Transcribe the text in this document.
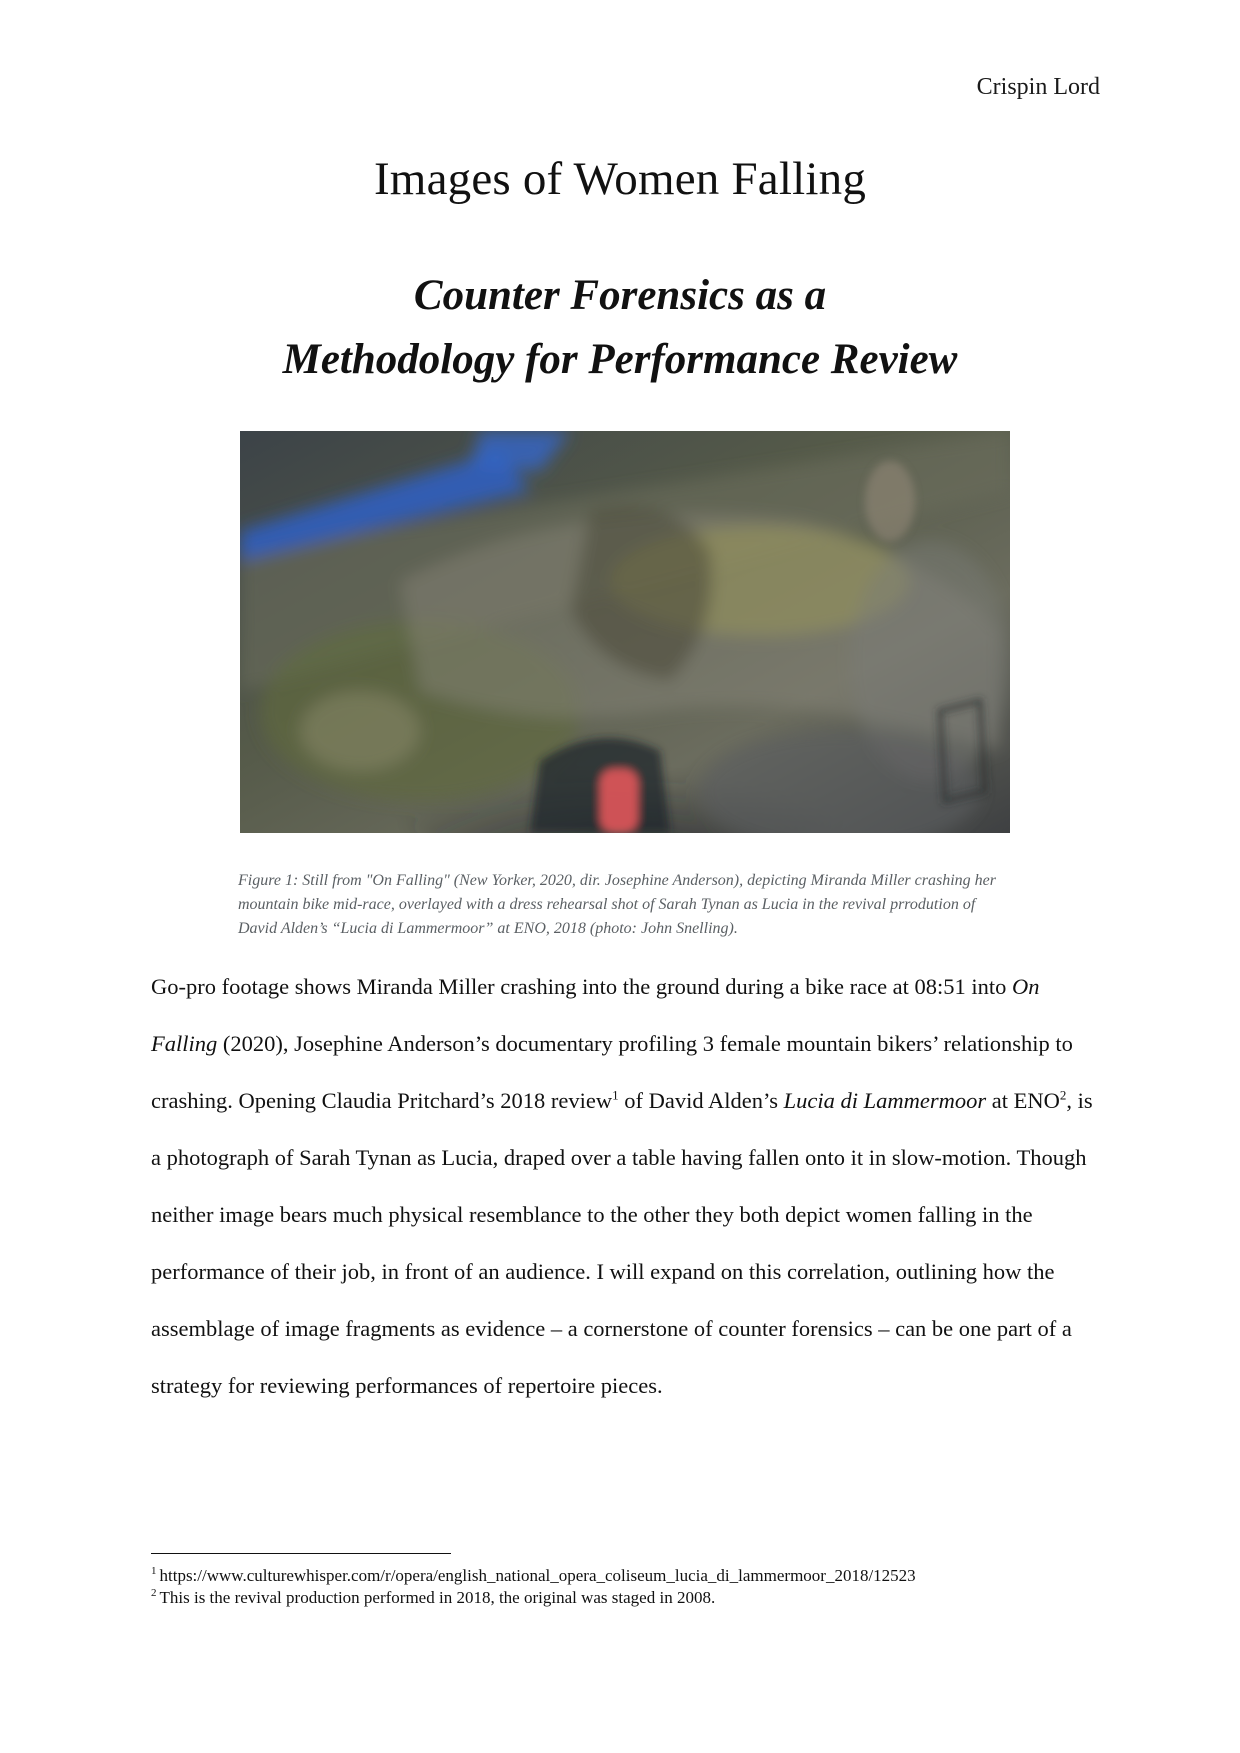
Crispin Lord
Images of Women Falling
Counter Forensics as a
Methodology for Performance Review
Figure 1: Still from "On Falling" (New Yorker, 2020, dir. Josephine Anderson), depicting Miranda Miller crashing her mountain bike mid-race, overlayed with a dress rehearsal shot of Sarah Tynan as Lucia in the revival prrodution of David Alden’s “Lucia di Lammermoor” at ENO, 2018 (photo: John Snelling).
Go-pro footage shows Miranda Miller crashing into the ground during a bike race at 08:51 into On Falling (2020), Josephine Anderson’s documentary profiling 3 female mountain bikers’ relationship to crashing. Opening Claudia Pritchard’s 2018 review$^1$ of David Alden’s Lucia di Lammermoor at ENO$^2$, is a photograph of Sarah Tynan as Lucia, draped over a table having fallen onto it in slow-motion. Though neither image bears much physical resemblance to the other they both depict women falling in the performance of their job, in front of an audience. I will expand on this correlation, outlining how the assemblage of image fragments as evidence – a cornerstone of counter forensics – can be one part of a strategy for reviewing performances of repertoire pieces.
$^1$ https://www.culturewhisper.com/r/opera/english_national_opera_coliseum_lucia_di_lammermoor_2018/12523
$^2$ This is the revival production performed in 2018, the original was staged in 2008.
